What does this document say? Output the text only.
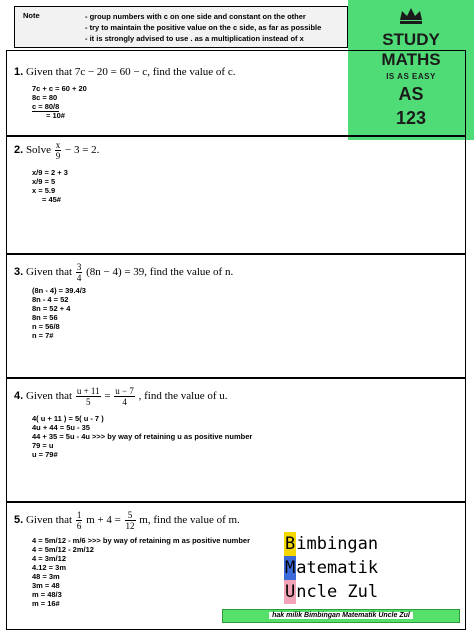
Note	- group numbers with c on one side and constant on the other
- try to maintain the positive value on the c side, as far as possible
- it is strongly advised to use . as a multiplication instead of x	STUDY
MATHS
IS AS EASY
AS
123
1. Given that 7c − 20 = 60 − c, find the value of c.
7c + c = 60 + 20
8c = 80
c = 80/8
= 10#
2. Solve $\frac{x}{9} - 3 = 2$.
x/9 = 2 + 3
x/9 = 5
x = 5.9
= 45#
3. Given that $\frac{3}{4} (8n - 4) = 39$, find the value of n.
(8n - 4) = 39.4/3
8n - 4 = 52
8n = 52 + 4
8n = 56
n = 56/8
n = 7#
4. Given that $\frac{u + 11}{5} = \frac{u - 7}{4}$ , find the value of u.
4( u + 11 ) = 5( u - 7 )
4u + 44 = 5u - 35
44 + 35 = 5u - 4u >>> by way of retaining u as positive number
79 = u
u = 79#
5. Given that $\frac{1}{6}$ $m + 4 = \frac{5}{12} m$, find the value of m.
4 = 5m/12 - m/6 >>> by way of retaining m as positive number
4 = 5m/12 - 2m/12
4 = 3m/12
4.12 = 3m
48 = 3m
3m = 48
m = 48/3
m = 16#
Bimbingan
Matematik
Uncle Zul
hak milik Bimbingan Matematik Uncle Zul
